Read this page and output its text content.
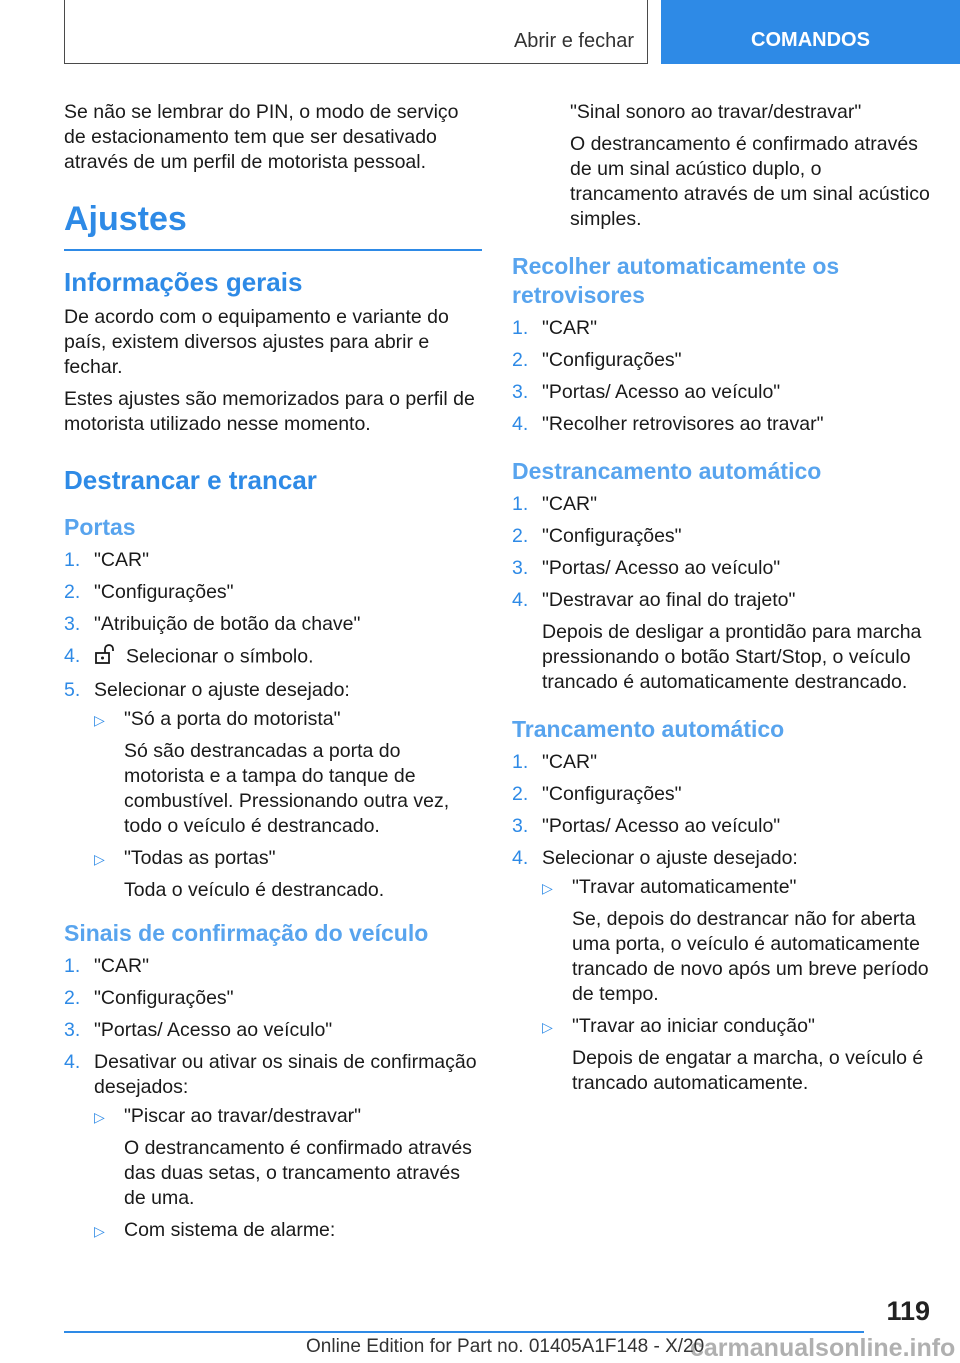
Abrir e fechar	COMANDOS

Se não se lembrar do PIN, o modo de serviço de estacionamento tem que ser desativado através de um perfil de motorista pessoal.

Ajustes
Informações gerais

De acordo com o equipamento e variante do país, existem diversos ajustes para abrir e fechar.

Estes ajustes são memorizados para o perfil de motorista utilizado nesse momento.

Destrancar e trancar
Portas
1. "CAR"
2. "Configurações"
3. "Atribuição de botão da chave"
4. Selecionar o símbolo.
5. Selecionar o ajuste desejado:
▷ "Só a porta do motorista"
Só são destrancadas a porta do motorista e a tampa do tanque de combustível. Pressionando outra vez, todo o veículo é destrancado.
▷ "Todas as portas"
Toda o veículo é destrancado.
Sinais de confirmação do veículo
1. "CAR"
2. "Configurações"
3. "Portas/ Acesso ao veículo"
4. Desativar ou ativar os sinais de confirmação desejados:
▷ "Piscar ao travar/destravar"
O destrancamento é confirmado através das duas setas, o trancamento através de uma.
▷ Com sistema de alarme:

"Sinal sonoro ao travar/destravar"

O destrancamento é confirmado através de um sinal acústico duplo, o trancamento através de um sinal acústico simples.

Recolher automaticamente os retrovisores
1. "CAR"
2. "Configurações"
3. "Portas/ Acesso ao veículo"
4. "Recolher retrovisores ao travar"
Destrancamento automático
1. "CAR"
2. "Configurações"
3. "Portas/ Acesso ao veículo"
4. "Destravar ao final do trajeto"
Depois de desligar a prontidão para marcha pressionando o botão Start/Stop, o veículo trancado é automaticamente destrancado.
Trancamento automático
1. "CAR"
2. "Configurações"
3. "Portas/ Acesso ao veículo"
4. Selecionar o ajuste desejado:
▷ "Travar automaticamente"
Se, depois do destrancar não for aberta uma porta, o veículo é automaticamente trancado de novo após um breve período de tempo.
▷ "Travar ao iniciar condução"
Depois de engatar a marcha, o veículo é trancado automaticamente.
119
carmanualsonline.info
Online Edition for Part no. 01405A1F148 - X/20
